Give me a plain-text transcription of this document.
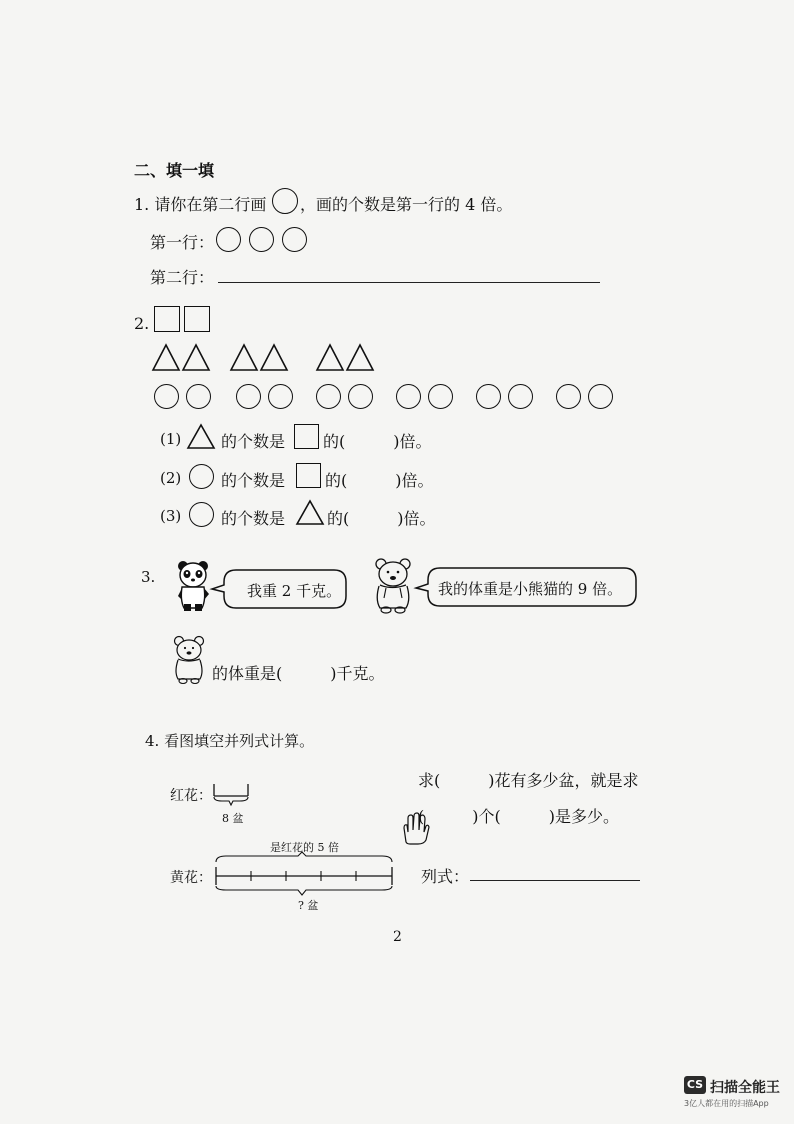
二、填一填
1. 请你在第二行画 ，画的个数是第一行的 4 倍。
第一行：
第二行：
2.
(1) 的个数是 的(　　　)倍。
(2) 的个数是 的(　　　)倍。
(3) 的个数是	的(　　　)倍。
3.
我重 2 千克。	我的体重是小熊猫的 9 倍。
的体重是(　　　)千克。
4. 看图填空并列式计算。
红花：
8 盆
是红花的 5 倍
黄花：
? 盆
求(　　　)花有多少盆，就是求
(　　　)个(　　　)是多少。
列式：
2
CS 扫描全能王
3亿人都在用的扫描App
